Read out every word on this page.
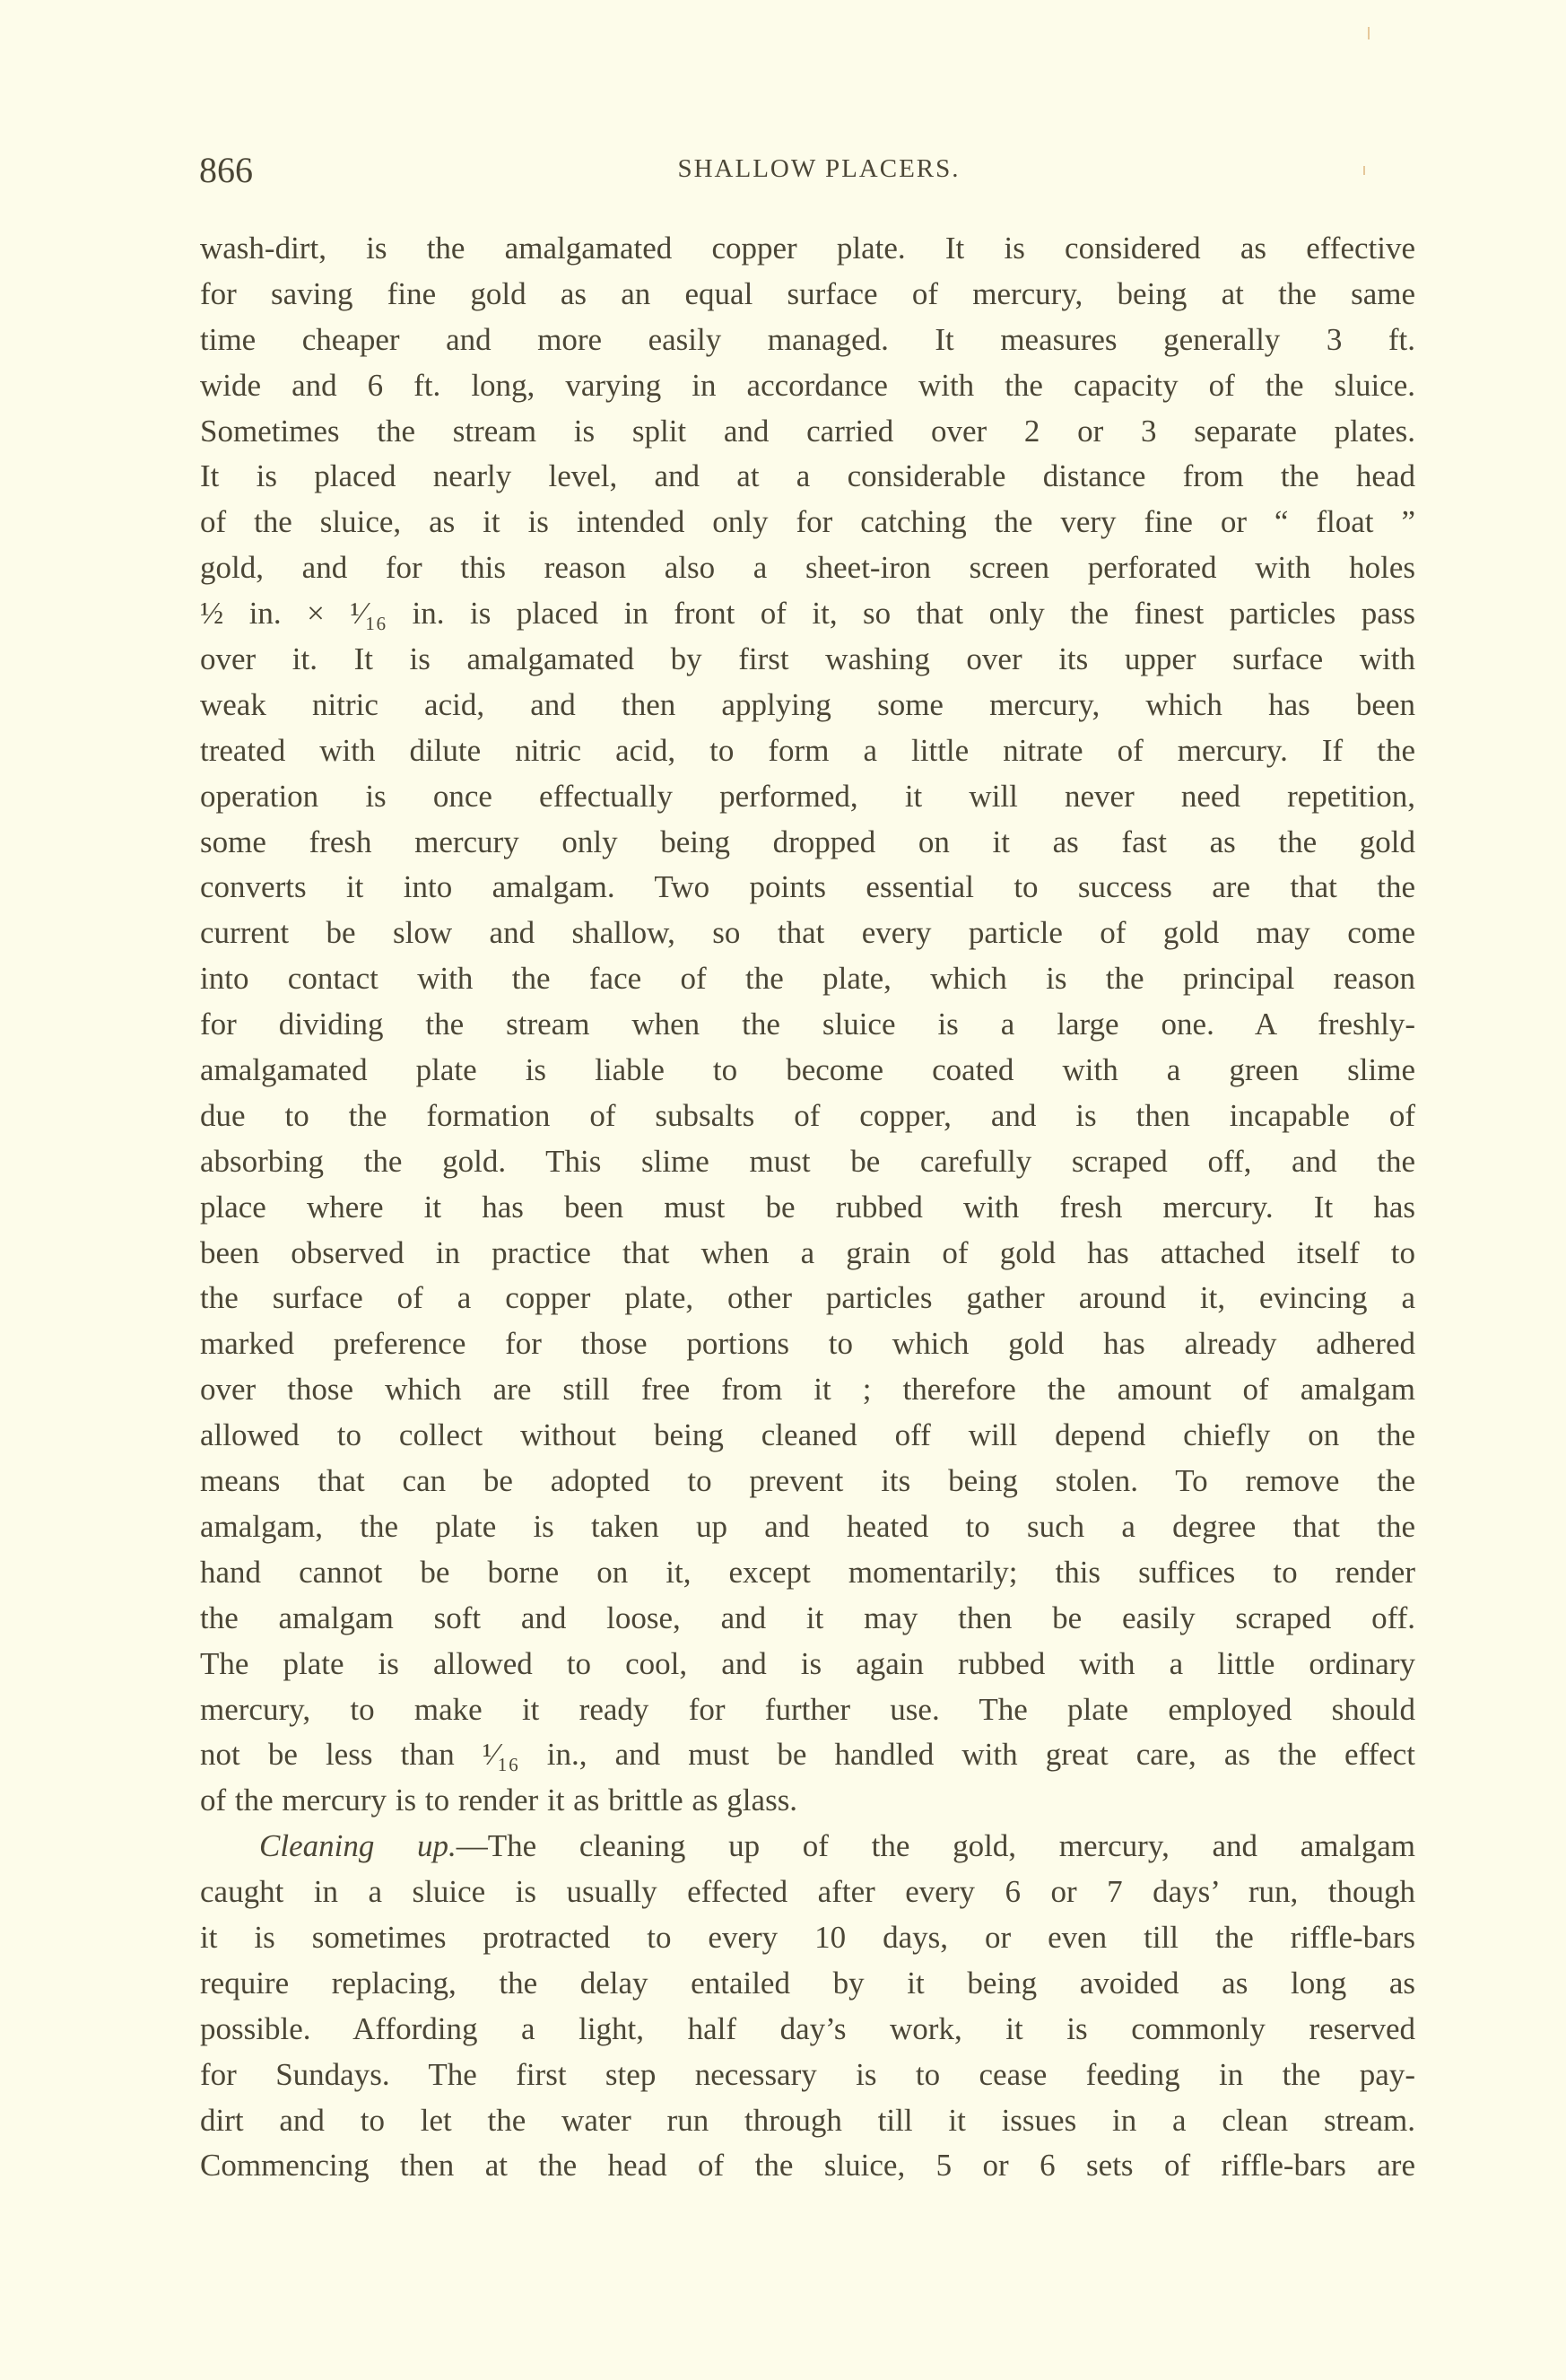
866	SHALLOW PLACERS.
wash-dirt, is the amalgamated copper plate. It is considered as effective
for saving fine gold as an equal surface of mercury, being at the same
time cheaper and more easily managed. It measures generally 3 ft.
wide and 6 ft. long, varying in accordance with the capacity of the sluice.
Sometimes the stream is split and carried over 2 or 3 separate plates.
It is placed nearly level, and at a considerable distance from the head
of the sluice, as it is intended only for catching the very fine or “ float ”
gold, and for this reason also a sheet-iron screen perforated with holes
½ in. × ¹⁄₁₆ in. is placed in front of it, so that only the finest particles pass
over it. It is amalgamated by first washing over its upper surface with
weak nitric acid, and then applying some mercury, which has been
treated with dilute nitric acid, to form a little nitrate of mercury. If the
operation is once effectually performed, it will never need repetition,
some fresh mercury only being dropped on it as fast as the gold
converts it into amalgam. Two points essential to success are that the
current be slow and shallow, so that every particle of gold may come
into contact with the face of the plate, which is the principal reason
for dividing the stream when the sluice is a large one. A freshly-
amalgamated plate is liable to become coated with a green slime
due to the formation of subsalts of copper, and is then incapable of
absorbing the gold. This slime must be carefully scraped off, and the
place where it has been must be rubbed with fresh mercury. It has
been observed in practice that when a grain of gold has attached itself to
the surface of a copper plate, other particles gather around it, evincing a
marked preference for those portions to which gold has already adhered
over those which are still free from it ; therefore the amount of amalgam
allowed to collect without being cleaned off will depend chiefly on the
means that can be adopted to prevent its being stolen. To remove the
amalgam, the plate is taken up and heated to such a degree that the
hand cannot be borne on it, except momentarily; this suffices to render
the amalgam soft and loose, and it may then be easily scraped off.
The plate is allowed to cool, and is again rubbed with a little ordinary
mercury, to make it ready for further use. The plate employed should
not be less than ¹⁄₁₆ in., and must be handled with great care, as the effect
of the mercury is to render it as brittle as glass.
Cleaning up.—The cleaning up of the gold, mercury, and amalgam
caught in a sluice is usually effected after every 6 or 7 days’ run, though
it is sometimes protracted to every 10 days, or even till the riffle-bars
require replacing, the delay entailed by it being avoided as long as
possible. Affording a light, half day’s work, it is commonly reserved
for Sundays. The first step necessary is to cease feeding in the pay-
dirt and to let the water run through till it issues in a clean stream.
Commencing then at the head of the sluice, 5 or 6 sets of riffle-bars are
